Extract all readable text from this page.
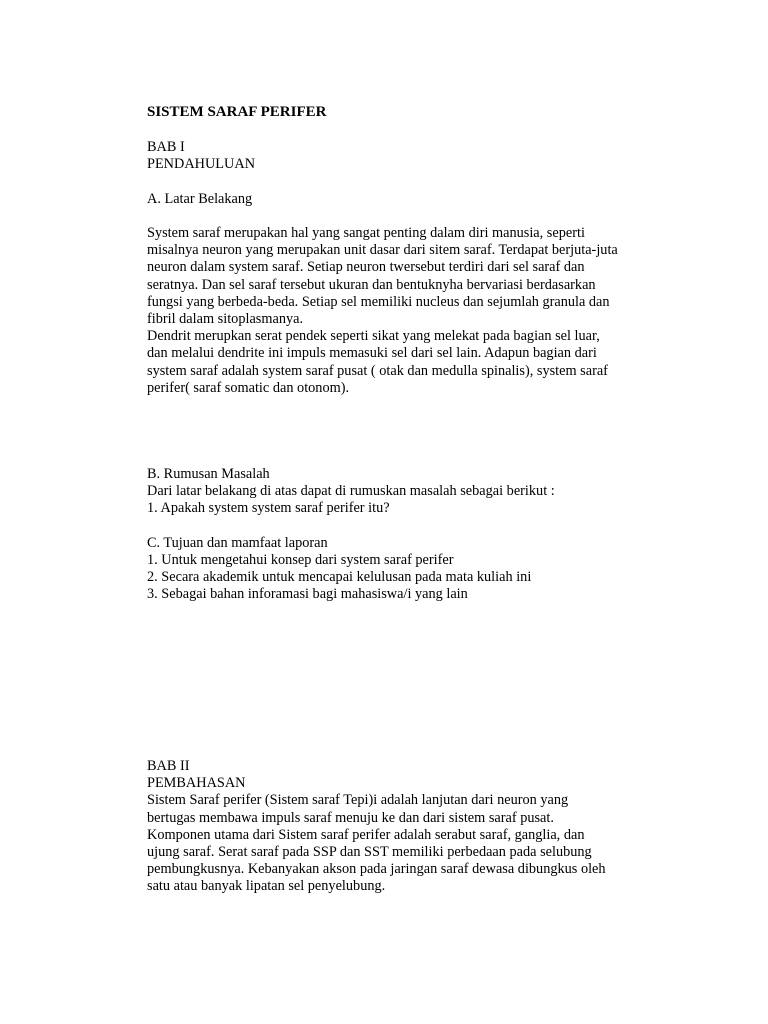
SISTEM SARAF PERIFER
BAB I
PENDAHULUAN
A. Latar Belakang
System saraf merupakan hal yang sangat penting dalam diri manusia, seperti
misalnya neuron yang merupakan unit dasar dari sitem saraf. Terdapat berjuta-juta
neuron dalam system saraf. Setiap neuron twersebut terdiri dari sel saraf dan
seratnya. Dan sel saraf tersebut ukuran dan bentuknyha bervariasi berdasarkan
fungsi yang berbeda-beda. Setiap sel memiliki nucleus dan sejumlah granula dan
fibril dalam sitoplasmanya.
Dendrit merupkan serat pendek seperti sikat yang melekat pada bagian sel luar,
dan melalui dendrite ini impuls memasuki sel dari sel lain. Adapun bagian dari
system saraf adalah system saraf pusat ( otak dan medulla spinalis), system saraf
perifer( saraf somatic dan otonom).
B. Rumusan Masalah
Dari latar belakang di atas dapat di rumuskan masalah sebagai berikut :
1. Apakah system system saraf perifer itu?
C. Tujuan dan mamfaat laporan
1. Untuk mengetahui konsep dari system saraf perifer
2. Secara akademik untuk mencapai kelulusan pada mata kuliah ini
3. Sebagai bahan inforamasi bagi mahasiswa/i yang lain
BAB II
PEMBAHASAN
Sistem Saraf perifer (Sistem saraf Tepi)i adalah lanjutan dari neuron yang
bertugas membawa impuls saraf menuju ke dan dari sistem saraf pusat.
Komponen utama dari Sistem saraf perifer adalah serabut saraf, ganglia, dan
ujung saraf. Serat saraf pada SSP dan SST memiliki perbedaan pada selubung
pembungkusnya. Kebanyakan akson pada jaringan saraf dewasa dibungkus oleh
satu atau banyak lipatan sel penyelubung.
